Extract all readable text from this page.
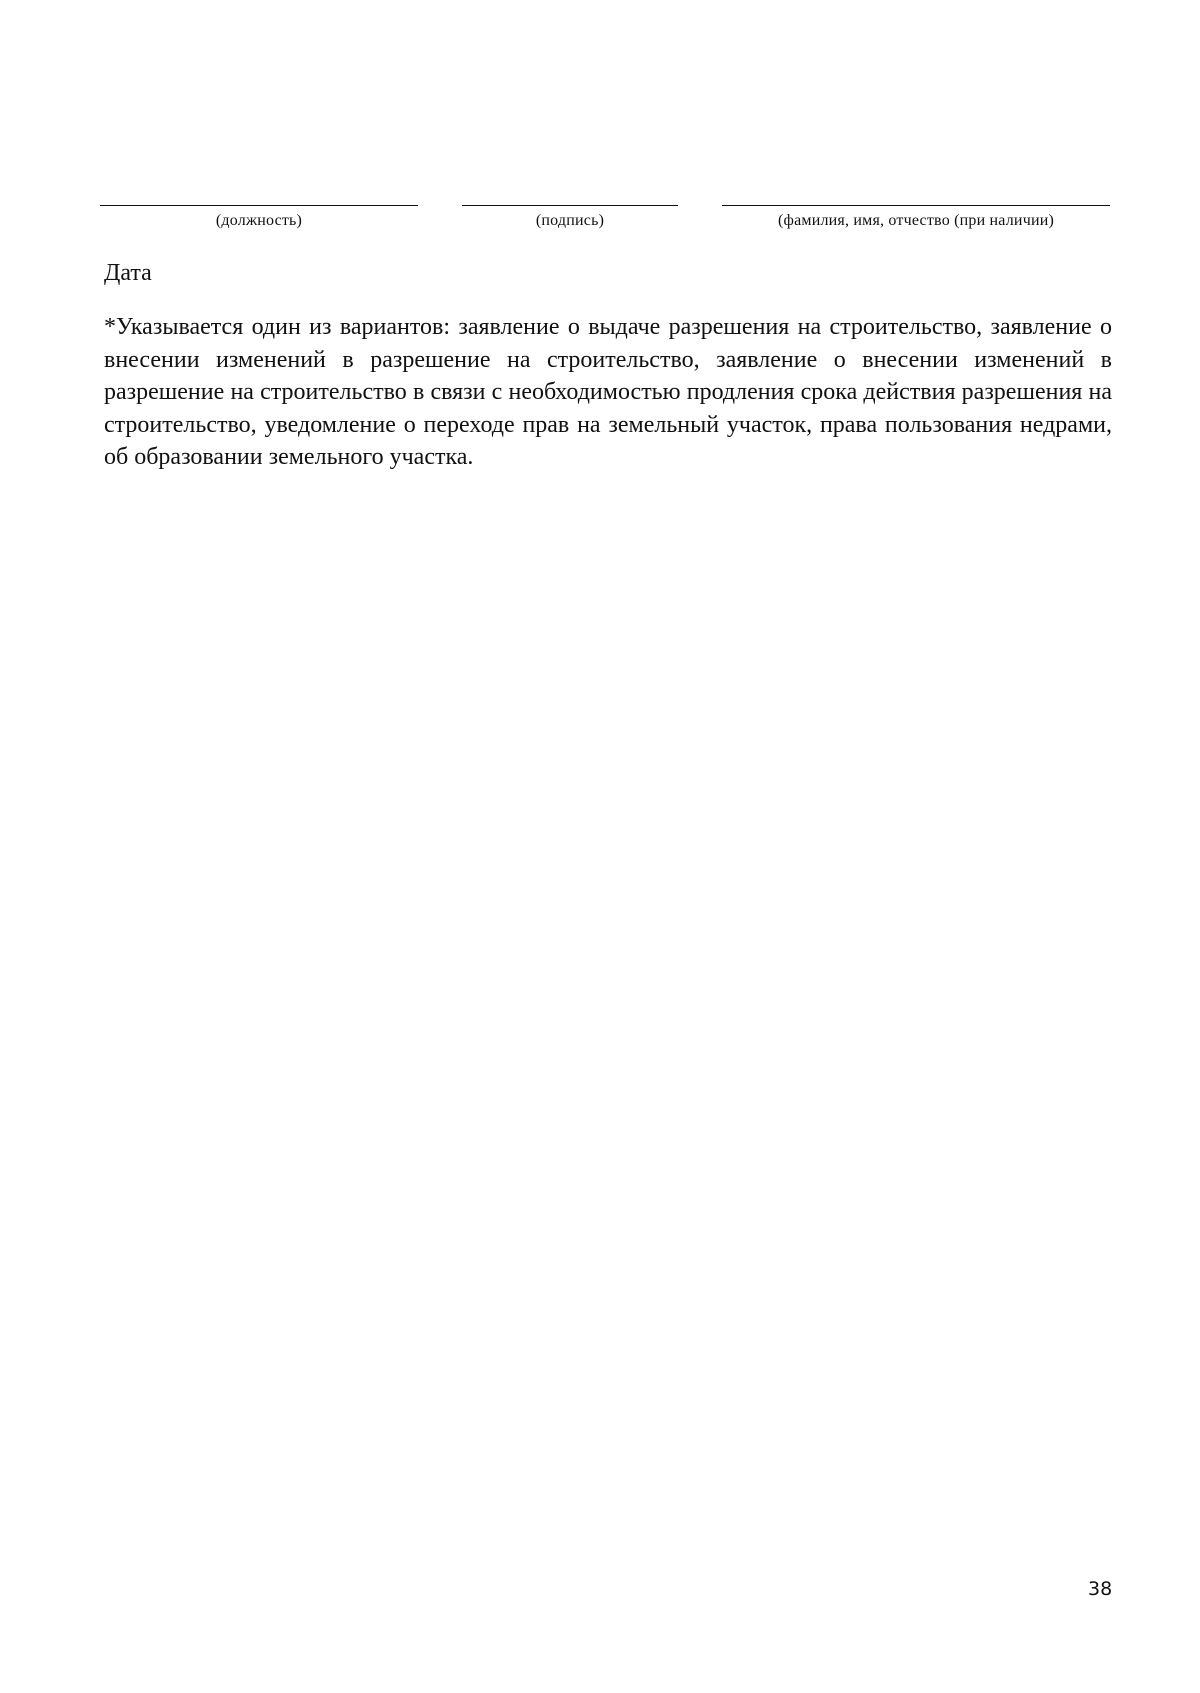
(должность)	(подпись)	(фамилия, имя, отчество (при наличии)
Дата

*Указывается один из вариантов: заявление о выдаче разрешения на строительство, заявление о внесении изменений в разрешение на строительство, заявление о внесении изменений в разрешение на строительство в связи с необходимостью продления срока действия разрешения на строительство, уведомление о переходе прав на земельный участок, права пользования недрами, об образовании земельного участка.

38
